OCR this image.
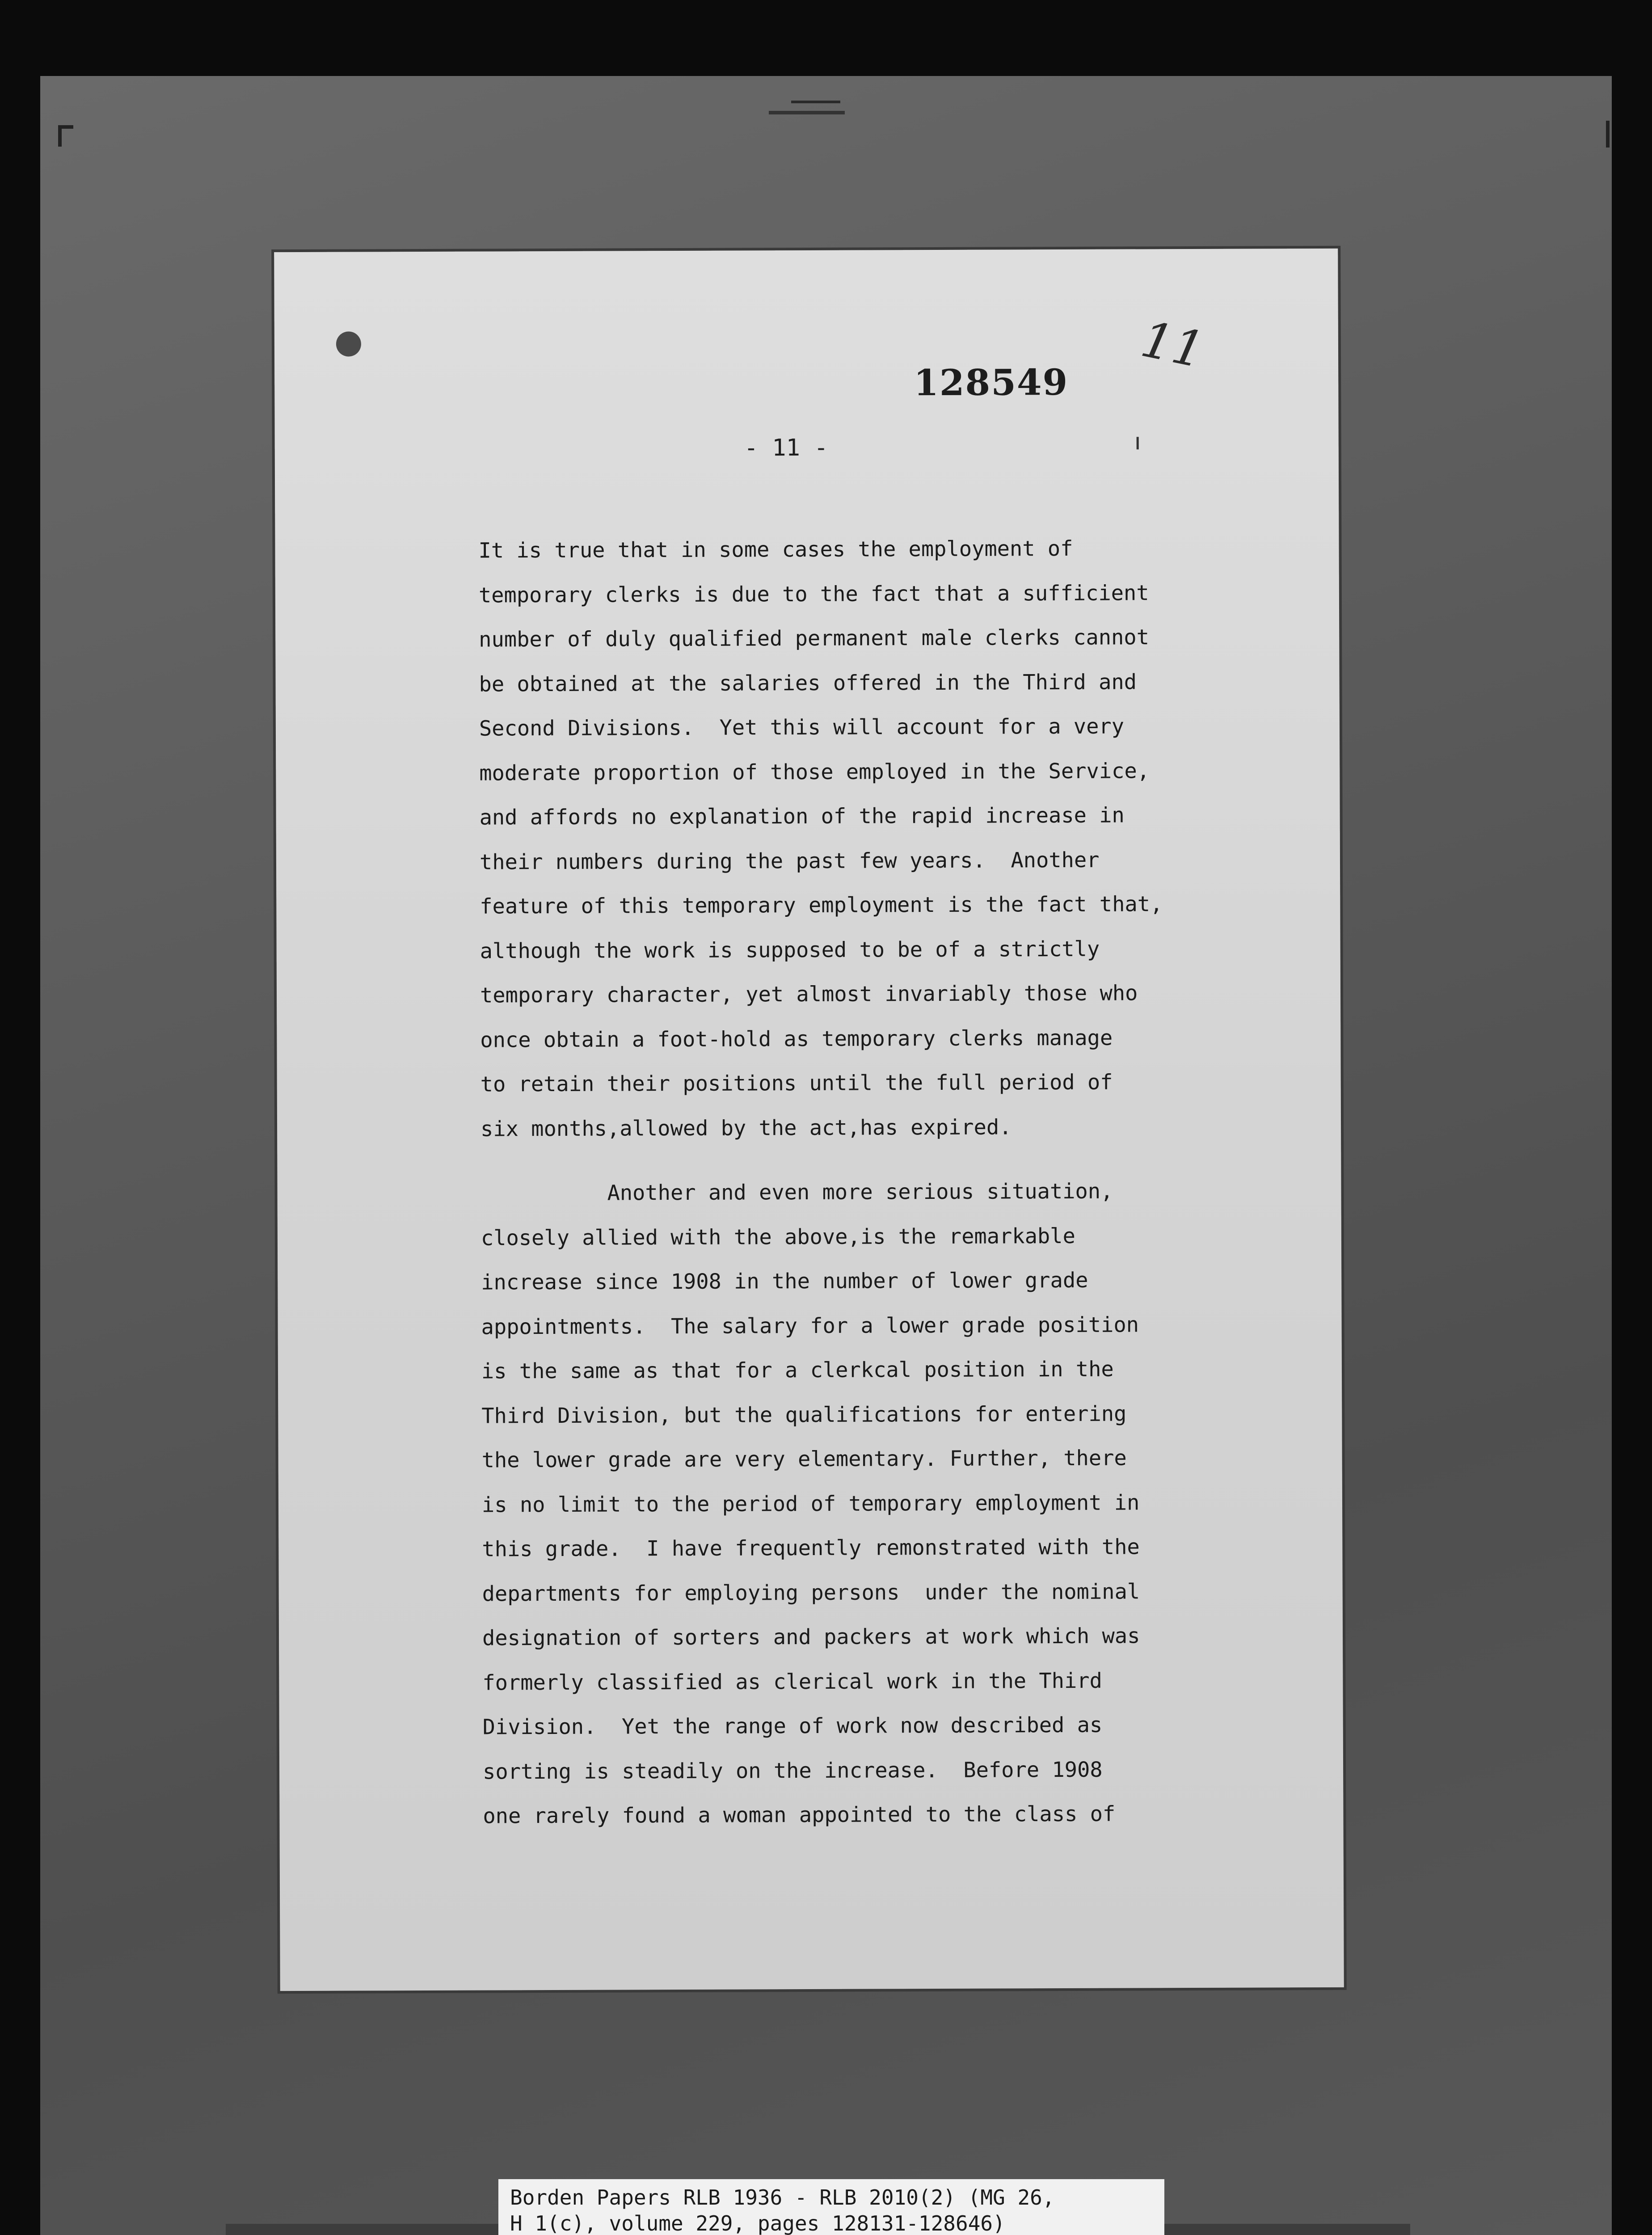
11
128549
- 11 -
It is true that in some cases the employment of
temporary clerks is due to the fact that a sufficient
number of duly qualified permanent male clerks cannot
be obtained at the salaries offered in the Third and
Second Divisions.  Yet this will account for a very
moderate proportion of those employed in the Service,
and affords no explanation of the rapid increase in
their numbers during the past few years.  Another
feature of this temporary employment is the fact that,
although the work is supposed to be of a strictly
temporary character, yet almost invariably those who
once obtain a foot-hold as temporary clerks manage
to retain their positions until the full period of
six months,allowed by the act,has expired.
Another and even more serious situation,
closely allied with the above,is the remarkable
increase since 1908 in the number of lower grade
appointments.  The salary for a lower grade position
is the same as that for a clerkcal position in the
Third Division, but the qualifications for entering
the lower grade are very elementary. Further, there
is no limit to the period of temporary employment in
this grade.  I have frequently remonstrated with the
departments for employing persons  under the nominal
designation of sorters and packers at work which was
formerly classified as clerical work in the Third
Division.  Yet the range of work now described as
sorting is steadily on the increase.  Before 1908
one rarely found a woman appointed to the class of
Borden Papers RLB 1936 - RLB 2010(2) (MG 26,
H 1(c), volume 229, pages 128131-128646)
